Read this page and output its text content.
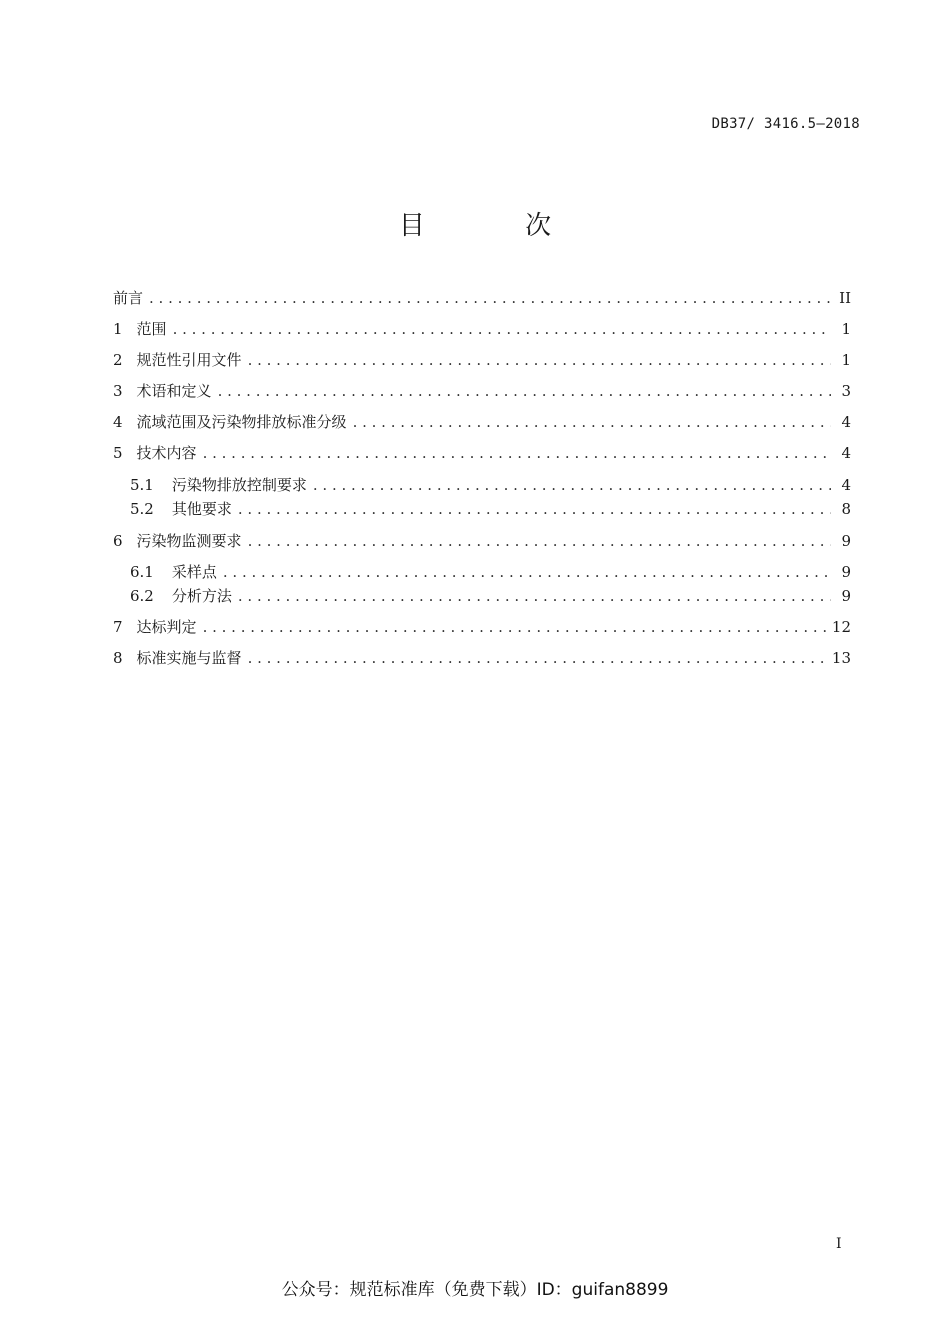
DB37/ 3416.5—2018
目 次
前言 . . .	II
1 范围 . . .	1
2 规范性引用文件 . . .	1
3 术语和定义 . . .	3
4 流域范围及污染物排放标准分级 . . .	4
5 技术内容 . . .	4
5.1 污染物排放控制要求 . . .	4
5.2 其他要求 . . .	8
6 污染物监测要求 . . .	9
6.1 采样点 . . .	9
6.2 分析方法 . . .	9
7 达标判定 . . .	12
8 标准实施与监督 . . .	13
I
公众号：规范标准库（免费下载）ID：guifan8899
